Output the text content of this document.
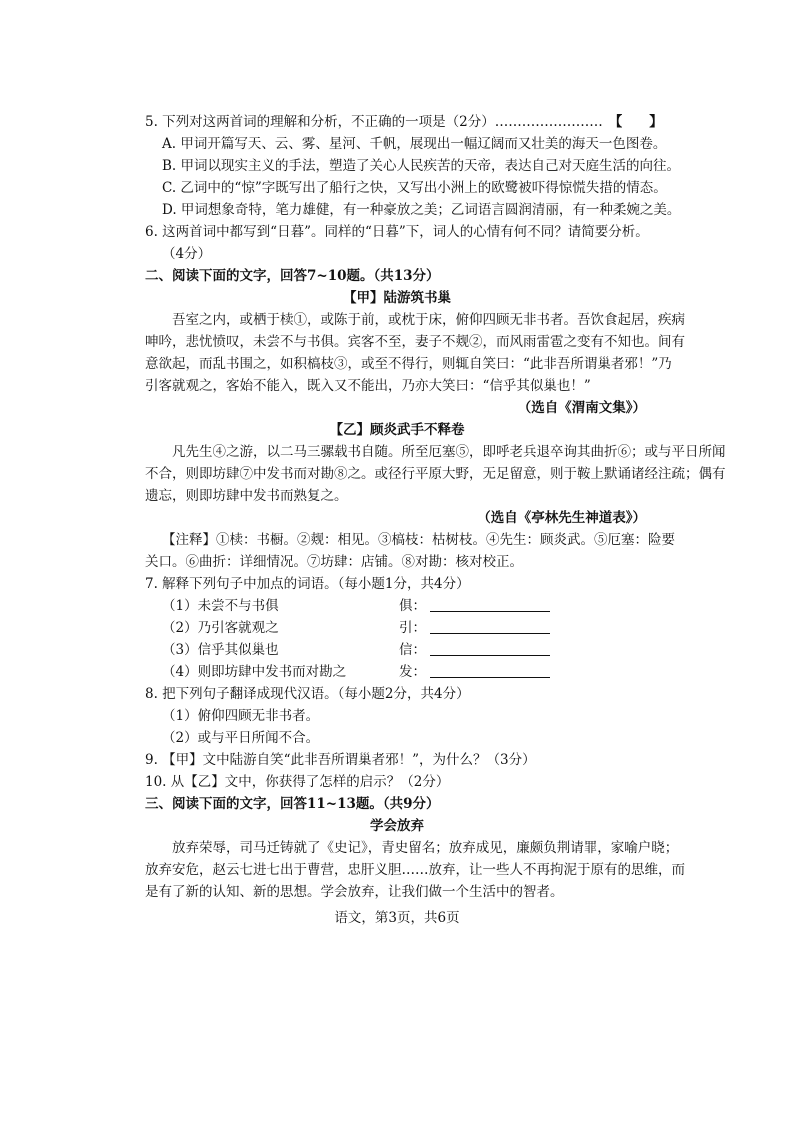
5. 下列对这两首词的理解和分析，不正确的一项是（2分）…………………… 【　　】
A. 甲词开篇写天、云、雾、星河、千帆，展现出一幅辽阔而又壮美的海天一色图卷。
B. 甲词以现实主义的手法，塑造了关心人民疾苦的天帝，表达自己对天庭生活的向往。
C. 乙词中的“惊”字既写出了船行之快，又写出小洲上的欧鹭被吓得惊慌失措的情态。
D. 甲词想象奇特，笔力雄健，有一种豪放之美；乙词语言圆润清丽，有一种柔婉之美。
6. 这两首词中都写到“日暮”。同样的“日暮”下，词人的心情有何不同？请简要分析。
（4分）
二、阅读下面的文字，回答7~10题。（共13分）
【甲】陆游筑书巢
吾室之内，或栖于椟①，或陈于前，或枕于床，俯仰四顾无非书者。吾饮食起居，疾病
呻吟，悲忧愤叹，未尝不与书俱。宾客不至，妻子不觌②，而风雨雷雹之变有不知也。间有
意欲起，而乱书围之，如积槁枝③，或至不得行，则辄自笑曰：“此非吾所谓巢者邪！”乃
引客就观之，客始不能入，既入又不能出，乃亦大笑曰：“信乎其似巢也！”
（选自《渭南文集》）
【乙】顾炎武手不释卷
凡先生④之游，以二马三骡载书自随。所至厄塞⑤，即呼老兵退卒询其曲折⑥；或与平日所闻
不合，则即坊肆⑦中发书而对勘⑧之。或径行平原大野，无足留意，则于鞍上默诵诸经注疏；偶有
遗忘，则即坊肆中发书而熟复之。
（选自《亭林先生神道表》）
【注释】①椟：书橱。②觌：相见。③槁枝：枯树枝。④先生：顾炎武。⑤厄塞：险要
关口。⑥曲折：详细情况。⑦坊肆：店铺。⑧对勘：核对校正。
7. 解释下列句子中加点的词语。（每小题1分，共4分）
（1）未尝不与书俱	俱：
（2）乃引客就观之	引：
（3）信乎其似巢也	信：
（4）则即坊肆中发书而对勘之	发：
8. 把下列句子翻译成现代汉语。（每小题2分，共4分）
（1）俯仰四顾无非书者。
（2）或与平日所闻不合。
9. 【甲】文中陆游自笑“此非吾所谓巢者邪！”，为什么？（3分）
10. 从【乙】文中，你获得了怎样的启示？（2分）
三、阅读下面的文字，回答11~13题。（共9分）
学会放弃
放弃荣辱，司马迁铸就了《史记》，青史留名；放弃成见，廉颇负荆请罪，家喻户晓；
放弃安危，赵云七进七出于曹营，忠肝义胆……放弃，让一些人不再拘泥于原有的思维，而
是有了新的认知、新的思想。学会放弃，让我们做一个生活中的智者。
语文，第3页，共6页
